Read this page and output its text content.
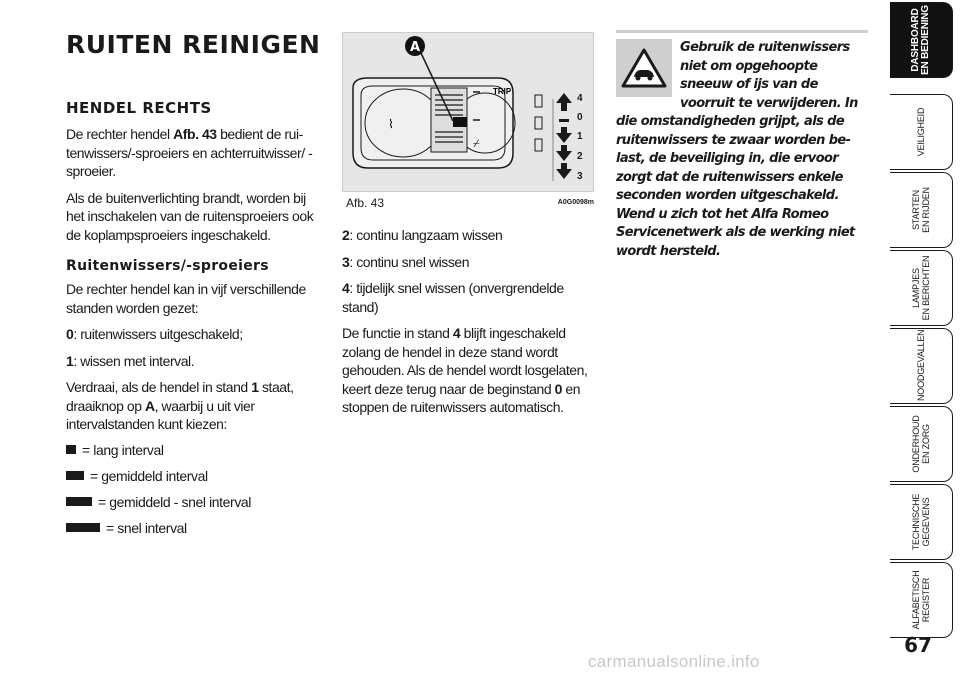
RUITEN REINIGEN
HENDEL RECHTS

De rechter hendel Afb. 43 bedient de ruitenwissers/-sproeiers en achterruitwisser/ -sproeier.

Als de buitenverlichting brandt, worden bij het inschakelen van de ruitensproeiers ook de koplampsproeiers ingeschakeld.

Ruitenwissers/-sproeiers

De rechter hendel kan in vijf verschillende standen worden gezet:

0: ruitenwissers uitgeschakeld;

1: wissen met interval.

Verdraai, als de hendel in stand 1 staat, draaiknop op A, waarbij u uit vier intervalstanden kunt kiezen:

= lang interval
= gemiddeld interval
= gemiddeld - snel interval
= snel interval
⌇
⌿
TRIP
4
0
1
2
3
A
Afb. 43	A0G0098m

2: continu langzaam wissen

3: continu snel wissen

4: tijdelijk snel wissen (onvergrendelde stand)

De functie in stand 4 blijft ingeschakeld zolang de hendel in deze stand wordt gehouden. Als de hendel wordt losgelaten, keert deze terug naar de beginstand 0 en stoppen de ruitenwissers automatisch.

Gebruik de ruitenwissers niet om opgehoopte sneeuw of ijs van de voorruit te verwijderen. In die omstandigheden grijpt, als de ruitenwissers te zwaar worden belast, de beveiliging in, die ervoor zorgt dat de ruitenwissers enkele seconden worden uitgeschakeld. Wend u zich tot het Alfa Romeo Servicenetwerk als de werking niet wordt hersteld.
DASHBOARD
EN BEDIENING
VEILIGHEID
STARTEN
EN RIJDEN
LAMPJES
EN BERICHTEN
NOODGEVALLEN
ONDERHOUD
EN ZORG
TECHNISCHE
GEGEVENS
ALFABETISCH
REGISTER
67
carmanualsonline.info
